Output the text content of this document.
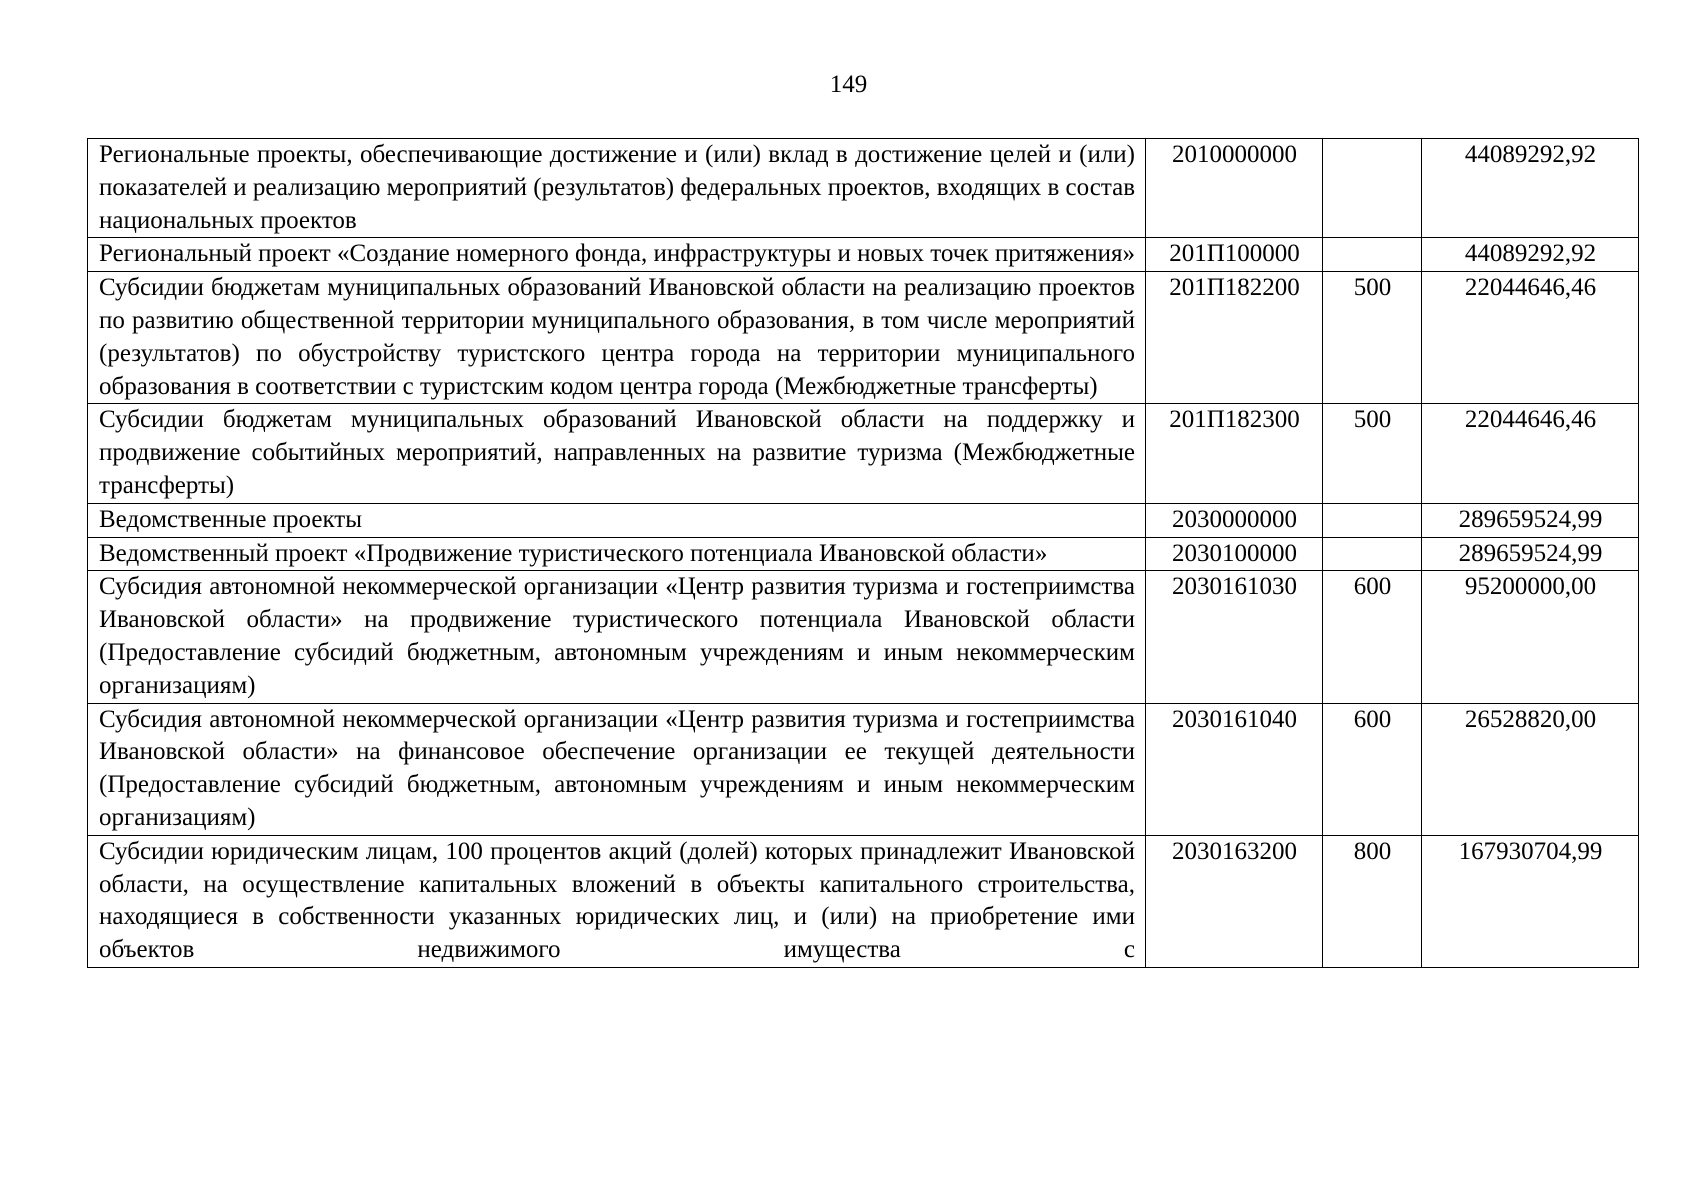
149
Региональные проекты, обеспечивающие достижение и (или) вклад в достижение целей и (или) показателей и реализацию мероприятий (результатов) федеральных проектов, входящих в состав национальных проектов	2010000000		44089292,92
Региональный проект «Создание номерного фонда, инфраструктуры и новых точек притяжения»	201П100000		44089292,92
Субсидии бюджетам муниципальных образований Ивановской области на реализацию проектов по развитию общественной территории муниципального образования, в том числе мероприятий (результатов) по обустройству туристского центра города на территории муниципального образования в соответствии с туристским кодом центра города (Межбюджетные трансферты)	201П182200	500	22044646,46
Субсидии бюджетам муниципальных образований Ивановской области на поддержку и продвижение событийных мероприятий, направленных на развитие туризма (Межбюджетные трансферты)	201П182300	500	22044646,46
Ведомственные проекты	2030000000		289659524,99
Ведомственный проект «Продвижение туристического потенциала Ивановской области»	2030100000		289659524,99
Субсидия автономной некоммерческой организации «Центр развития туризма и гостеприимства Ивановской области» на продвижение туристического потенциала Ивановской области (Предоставление субсидий бюджетным, автономным учреждениям и иным некоммерческим организациям)	2030161030	600	95200000,00
Субсидия автономной некоммерческой организации «Центр развития туризма и гостеприимства Ивановской области» на финансовое обеспечение организации ее текущей деятельности (Предоставление субсидий бюджетным, автономным учреждениям и иным некоммерческим организациям)	2030161040	600	26528820,00
Субсидии юридическим лицам, 100 процентов акций (долей) которых принадлежит Ивановской области, на осуществление капитальных вложений в объекты капитального строительства, находящиеся в собственности указанных юридических лиц, и (или) на приобретение ими объектов недвижимого имущества с	2030163200	800	167930704,99
